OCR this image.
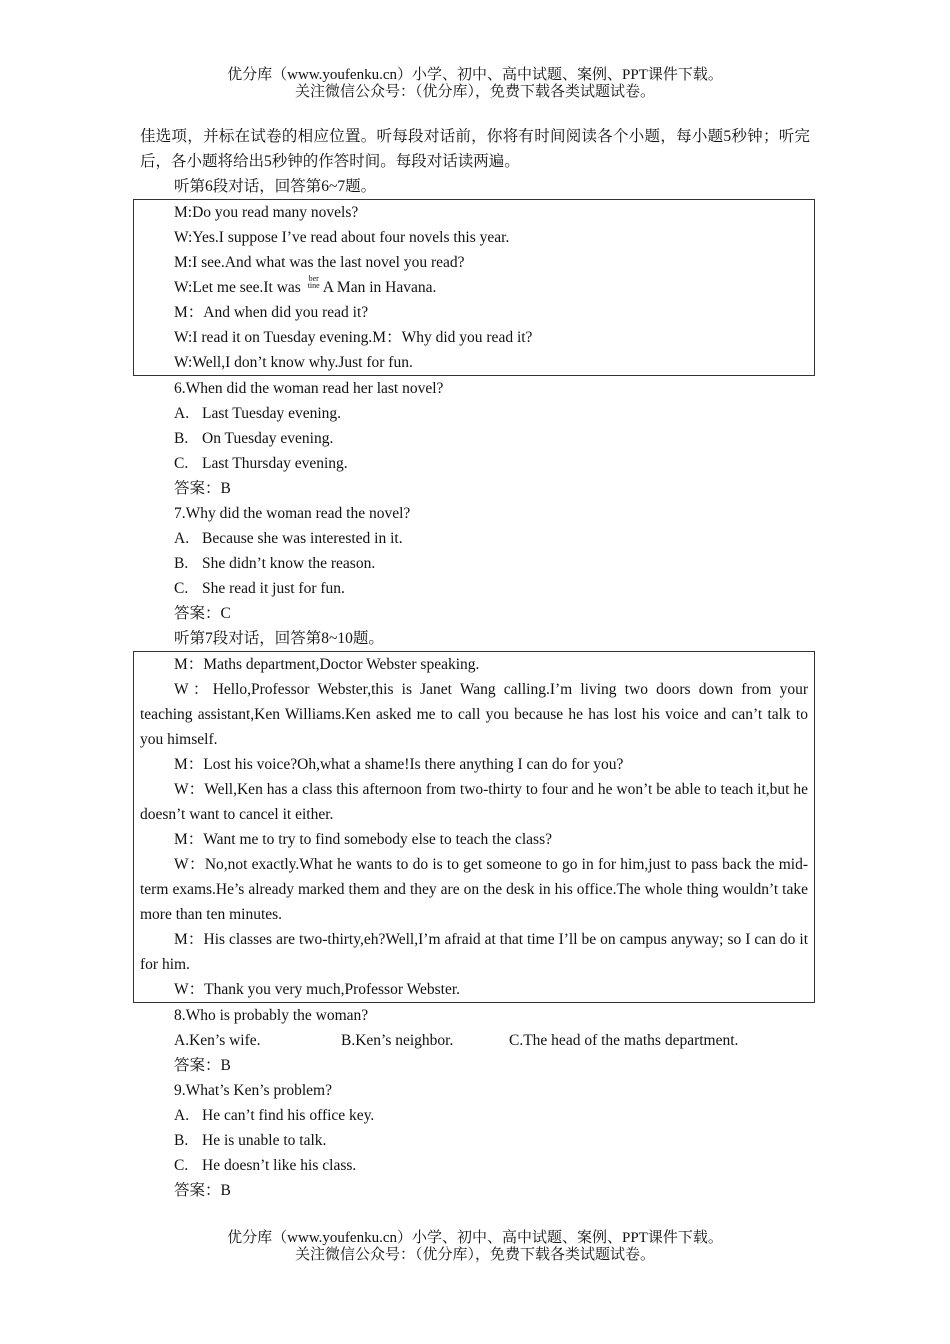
优分库（www.youfenku.cn）小学、初中、高中试题、案例、PPT课件下载。
关注微信公众号：（优分库），免费下载各类试题试卷。
佳选项，并标在试卷的相应位置。听每段对话前，你将有时间阅读各个小题，每小题5秒钟；听完后，各小题将给出5秒钟的作答时间。每段对话读两遍。
听第6段对话，回答第6~7题。
M:Do you read many novels?
W:Yes.I suppose I’ve read about four novels this year.
M:I see.And what was the last novel you read?
W:Let me see.It was
ber
tine A Man in Havana.
M：And when did you read it?
W:I read it on Tuesday evening.M：Why did you read it?
W:Well,I don’t know why.Just for fun.
6.When did the woman read her last novel?
A. Last Tuesday evening.
B. On Tuesday evening.
C. Last Thursday evening.
答案：B
7.Why did the woman read the novel?
A. Because she was interested in it.
B. She didn’t know the reason.
C. She read it just for fun.
答案：C
听第7段对话，回答第8~10题。
M：Maths department,Doctor Webster speaking.
W：Hello,Professor Webster,this is Janet Wang calling.I’m living two doors down from your teaching assistant,Ken Williams.Ken asked me to call you because he has lost his voice and can’t talk to you himself.
M：Lost his voice?Oh,what a shame!Is there anything I can do for you?
W：Well,Ken has a class this afternoon from two-thirty to four and he won’t be able to teach it,but he doesn’t want to cancel it either.
M：Want me to try to find somebody else to teach the class?
W：No,not exactly.What he wants to do is to get someone to go in for him,just to pass back the mid-term exams.He’s already marked them and they are on the desk in his office.The whole thing wouldn’t take more than ten minutes.
M：His classes are two-thirty,eh?Well,I’m afraid at that time I’ll be on campus anyway; so I can do it for him.
W：Thank you very much,Professor Webster.
8.Who is probably the woman?
A.Ken’s wife.	B.Ken’s neighbor.	C.The head of the maths department.
答案：B
9.What’s Ken’s problem?
A. He can’t find his office key.
B. He is unable to talk.
C. He doesn’t like his class.
答案：B
优分库（www.youfenku.cn）小学、初中、高中试题、案例、PPT课件下载。
关注微信公众号：（优分库），免费下载各类试题试卷。
